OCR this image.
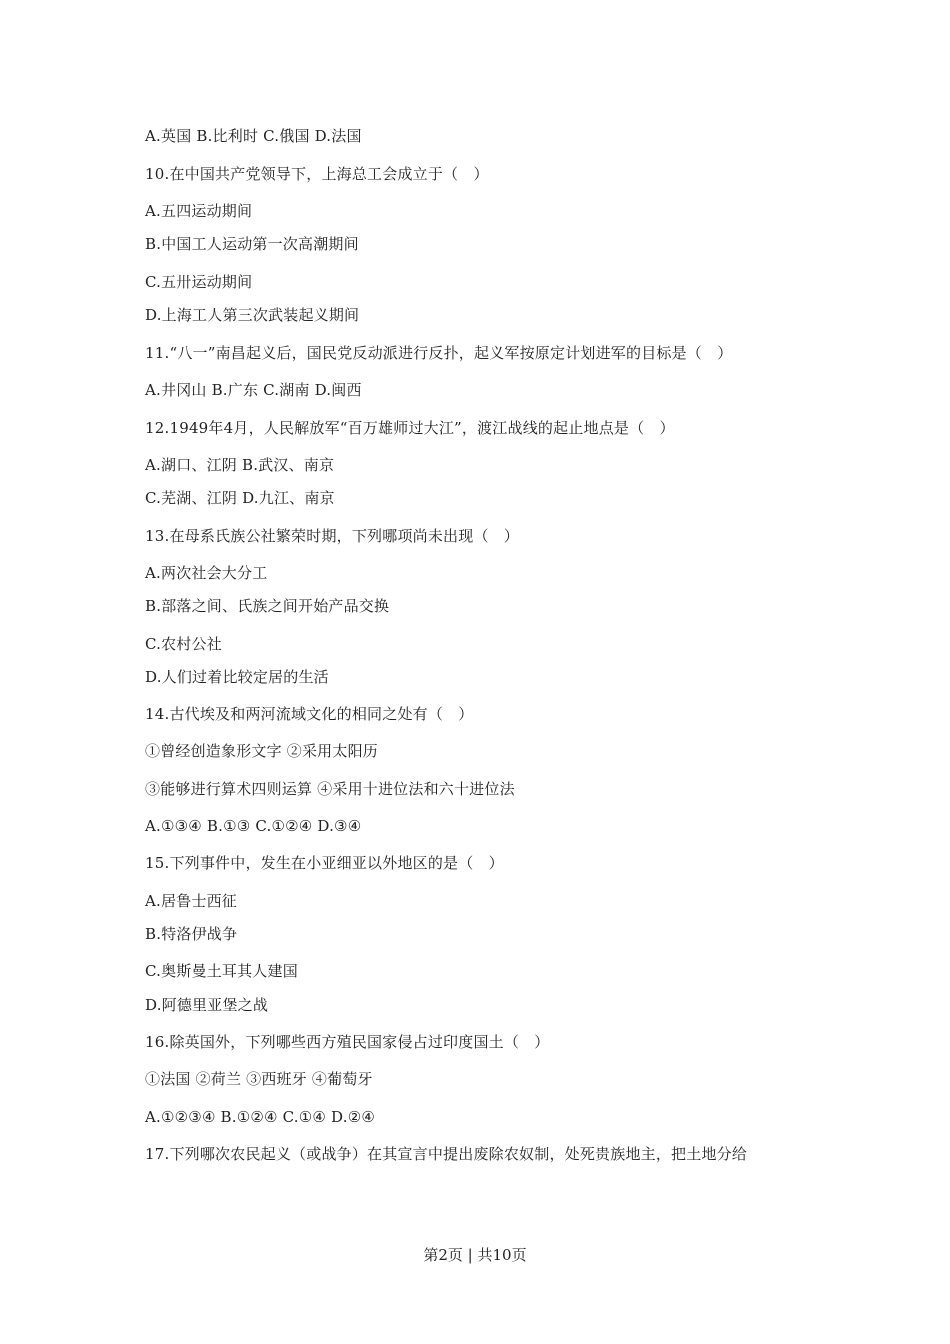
A.英国 B.比利时 C.俄国 D.法国
10.在中国共产党领导下，上海总工会成立于（　）
A.五四运动期间
B.中国工人运动第一次高潮期间
C.五卅运动期间
D.上海工人第三次武装起义期间
11.“八一”南昌起义后，国民党反动派进行反扑，起义军按原定计划进军的目标是（　）
A.井冈山 B.广东 C.湖南 D.闽西
12.1949年4月，人民解放军“百万雄师过大江”，渡江战线的起止地点是（　）
A.湖口、江阴 B.武汉、南京
C.芜湖、江阴 D.九江、南京
13.在母系氏族公社繁荣时期，下列哪项尚未出现（　）
A.两次社会大分工
B.部落之间、氏族之间开始产品交换
C.农村公社
D.人们过着比较定居的生活
14.古代埃及和两河流域文化的相同之处有（　）
①曾经创造象形文字 ②采用太阳历
③能够进行算术四则运算 ④采用十进位法和六十进位法
A.①③④ B.①③ C.①②④ D.③④
15.下列事件中，发生在小亚细亚以外地区的是（　）
A.居鲁士西征
B.特洛伊战争
C.奥斯曼土耳其人建国
D.阿德里亚堡之战
16.除英国外，下列哪些西方殖民国家侵占过印度国土（　）
①法国 ②荷兰 ③西班牙 ④葡萄牙
A.①②③④ B.①②④ C.①④ D.②④
17.下列哪次农民起义（或战争）在其宣言中提出废除农奴制，处死贵族地主，把土地分给
第2页 | 共10页
